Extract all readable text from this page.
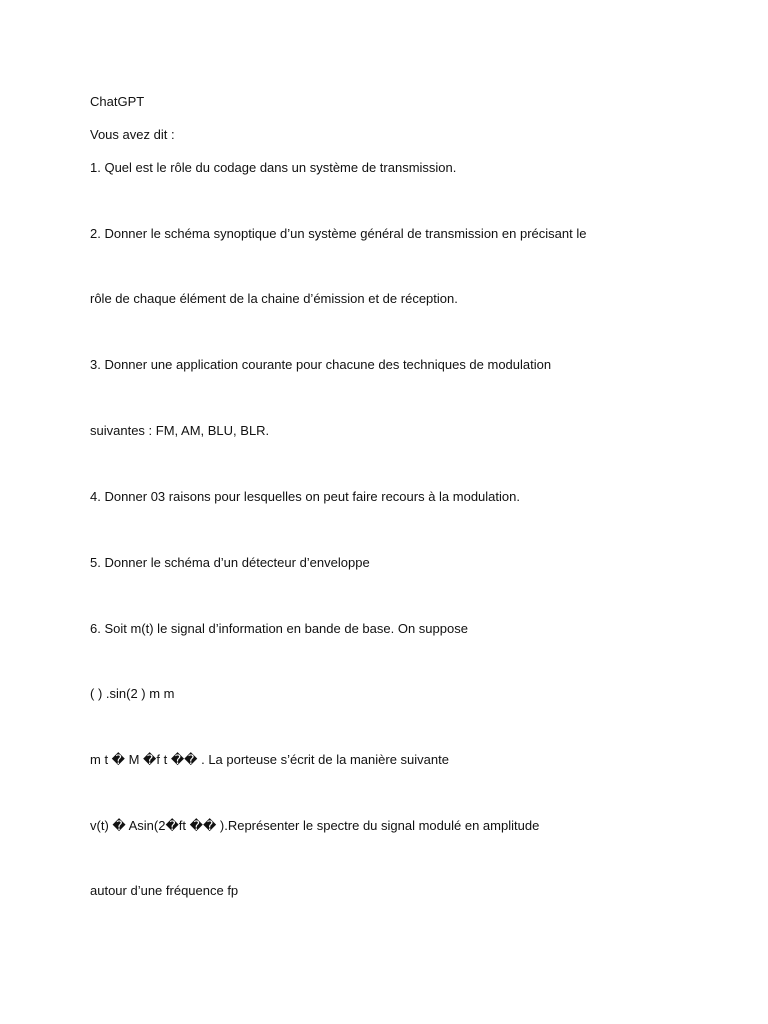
ChatGPT
Vous avez dit :
1. Quel est le rôle du codage dans un système de transmission.
2. Donner le schéma synoptique d’un système général de transmission en précisant le
rôle de chaque élément de la chaine d’émission et de réception.
3. Donner une application courante pour chacune des techniques de modulation
suivantes : FM, AM, BLU, BLR.
4. Donner 03 raisons pour lesquelles on peut faire recours à la modulation.
5. Donner le schéma d’un détecteur d’enveloppe
6. Soit m(t) le signal d’information en bande de base. On suppose
( ) .sin(2 ) m m
m t � M �f t �� . La porteuse s’écrit de la manière suivante
v(t) � Asin(2�ft �� ).Représenter le spectre du signal modulé en amplitude
autour d’une fréquence fp
